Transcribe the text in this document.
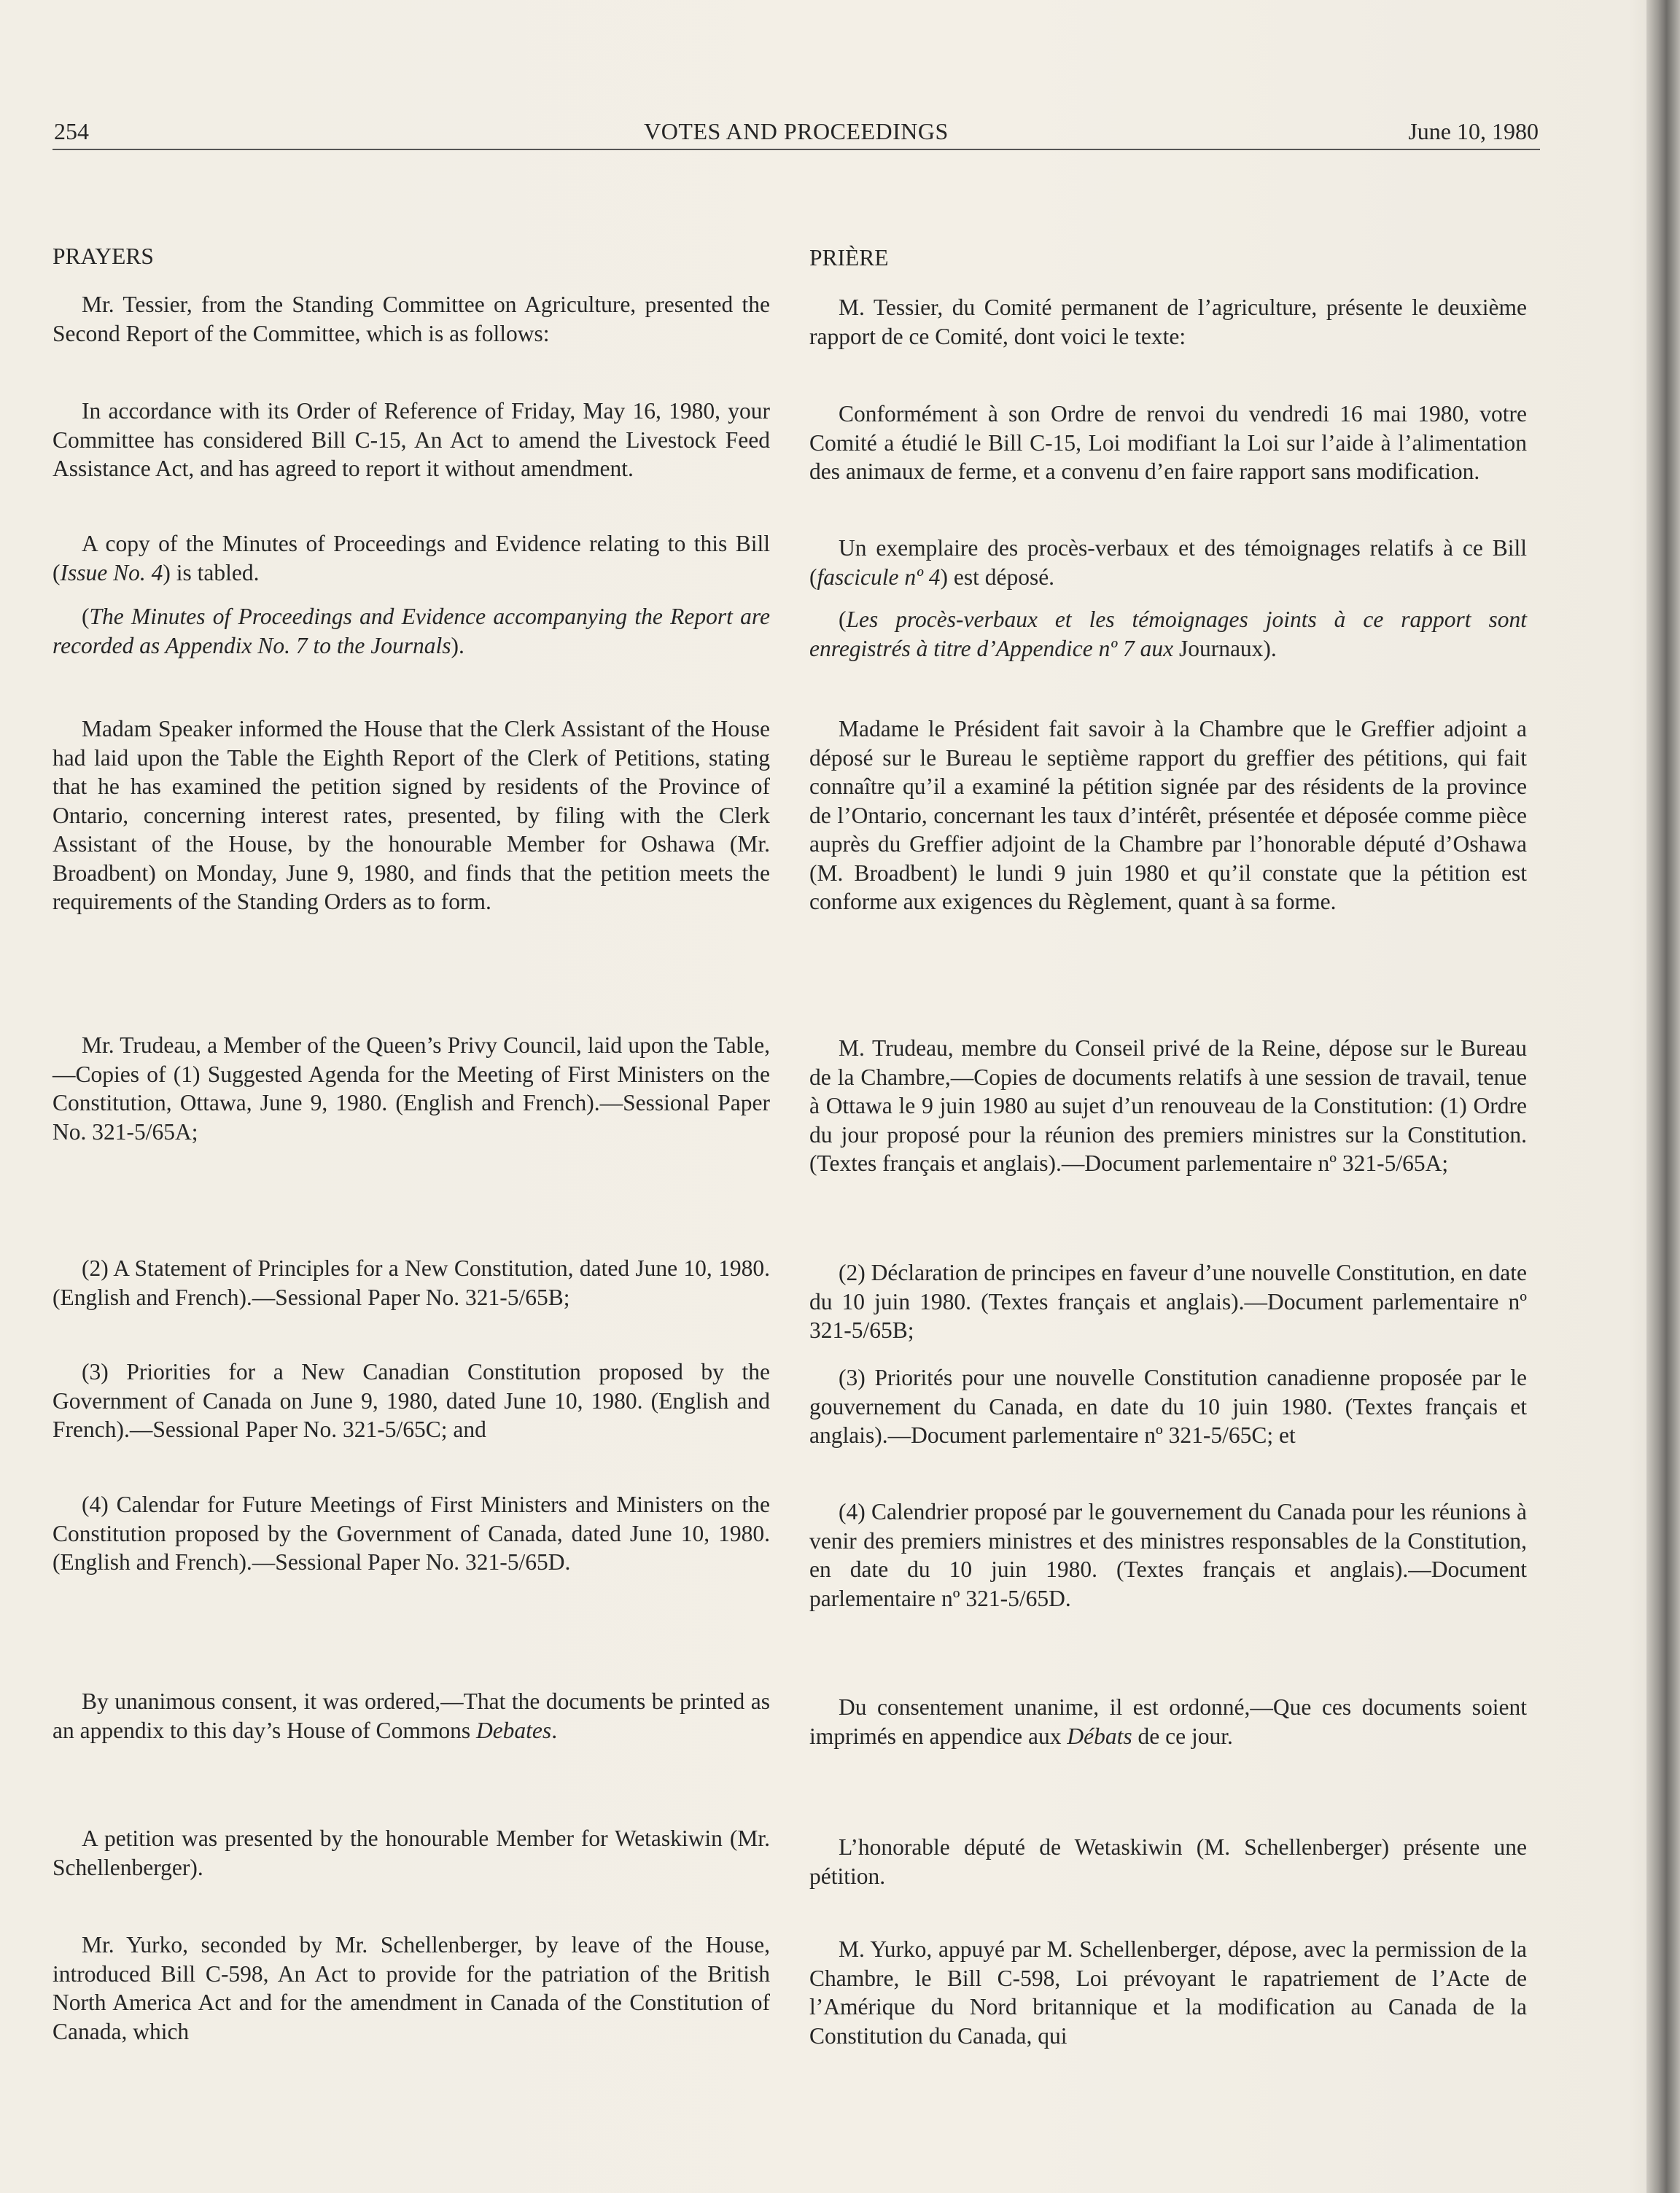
254	VOTES AND PROCEEDINGS	June 10, 1980

PRAYERS

Mr. Tessier, from the Standing Committee on Agriculture, presented the Second Report of the Committee, which is as follows:

In accordance with its Order of Reference of Friday, May 16, 1980, your Committee has considered Bill C-15, An Act to amend the Livestock Feed Assistance Act, and has agreed to report it without amendment.

A copy of the Minutes of Proceedings and Evidence relating to this Bill (Issue No. 4) is tabled.

(The Minutes of Proceedings and Evidence accompanying the Report are recorded as Appendix No. 7 to the Journals).

Madam Speaker informed the House that the Clerk Assistant of the House had laid upon the Table the Eighth Report of the Clerk of Petitions, stating that he has examined the petition signed by residents of the Province of Ontario, concerning interest rates, presented, by filing with the Clerk Assistant of the House, by the honourable Member for Oshawa (Mr. Broadbent) on Monday, June 9, 1980, and finds that the petition meets the requirements of the Standing Orders as to form.

Mr. Trudeau, a Member of the Queen’s Privy Council, laid upon the Table,—Copies of (1) Suggested Agenda for the Meeting of First Ministers on the Constitution, Ottawa, June 9, 1980. (English and French).—Sessional Paper No. 321-5/65A;

(2) A Statement of Principles for a New Constitution, dated June 10, 1980. (English and French).—Sessional Paper No. 321-5/65B;

(3) Priorities for a New Canadian Constitution proposed by the Government of Canada on June 9, 1980, dated June 10, 1980. (English and French).—Sessional Paper No. 321-5/65C; and

(4) Calendar for Future Meetings of First Ministers and Ministers on the Constitution proposed by the Government of Canada, dated June 10, 1980. (English and French).—Sessional Paper No. 321-5/65D.

By unanimous consent, it was ordered,—That the documents be printed as an appendix to this day’s House of Commons Debates.

A petition was presented by the honourable Member for Wetaskiwin (Mr. Schellenberger).

Mr. Yurko, seconded by Mr. Schellenberger, by leave of the House, introduced Bill C-598, An Act to provide for the patriation of the British North America Act and for the amendment in Canada of the Constitution of Canada, which

PRIÈRE

M. Tessier, du Comité permanent de l’agriculture, présente le deuxième rapport de ce Comité, dont voici le texte:

Conformément à son Ordre de renvoi du vendredi 16 mai 1980, votre Comité a étudié le Bill C-15, Loi modifiant la Loi sur l’aide à l’alimentation des animaux de ferme, et a convenu d’en faire rapport sans modification.

Un exemplaire des procès-verbaux et des témoignages relatifs à ce Bill (fascicule nº 4) est déposé.

(Les procès-verbaux et les témoignages joints à ce rapport sont enregistrés à titre d’Appendice nº 7 aux Journaux).

Madame le Président fait savoir à la Chambre que le Greffier adjoint a déposé sur le Bureau le septième rapport du greffier des pétitions, qui fait connaître qu’il a examiné la pétition signée par des résidents de la province de l’Ontario, concernant les taux d’intérêt, présentée et déposée comme pièce auprès du Greffier adjoint de la Chambre par l’honorable député d’Oshawa (M. Broadbent) le lundi 9 juin 1980 et qu’il constate que la pétition est conforme aux exigences du Règlement, quant à sa forme.

M. Trudeau, membre du Conseil privé de la Reine, dépose sur le Bureau de la Chambre,—Copies de documents relatifs à une session de travail, tenue à Ottawa le 9 juin 1980 au sujet d’un renouveau de la Constitution: (1) Ordre du jour proposé pour la réunion des premiers ministres sur la Constitution. (Textes français et anglais).—Document parlementaire nº 321-5/65A;

(2) Déclaration de principes en faveur d’une nouvelle Constitution, en date du 10 juin 1980. (Textes français et anglais).—Document parlementaire nº 321-5/65B;

(3) Priorités pour une nouvelle Constitution canadienne proposée par le gouvernement du Canada, en date du 10 juin 1980. (Textes français et anglais).—Document parlementaire nº 321-5/65C; et

(4) Calendrier proposé par le gouvernement du Canada pour les réunions à venir des premiers ministres et des ministres responsables de la Constitution, en date du 10 juin 1980. (Textes français et anglais).—Document parlementaire nº 321-5/65D.

Du consentement unanime, il est ordonné,—Que ces documents soient imprimés en appendice aux Débats de ce jour.

L’honorable député de Wetaskiwin (M. Schellenberger) présente une pétition.

M. Yurko, appuyé par M. Schellenberger, dépose, avec la permission de la Chambre, le Bill C-598, Loi prévoyant le rapatriement de l’Acte de l’Amérique du Nord britannique et la modification au Canada de la Constitution du Canada, qui
